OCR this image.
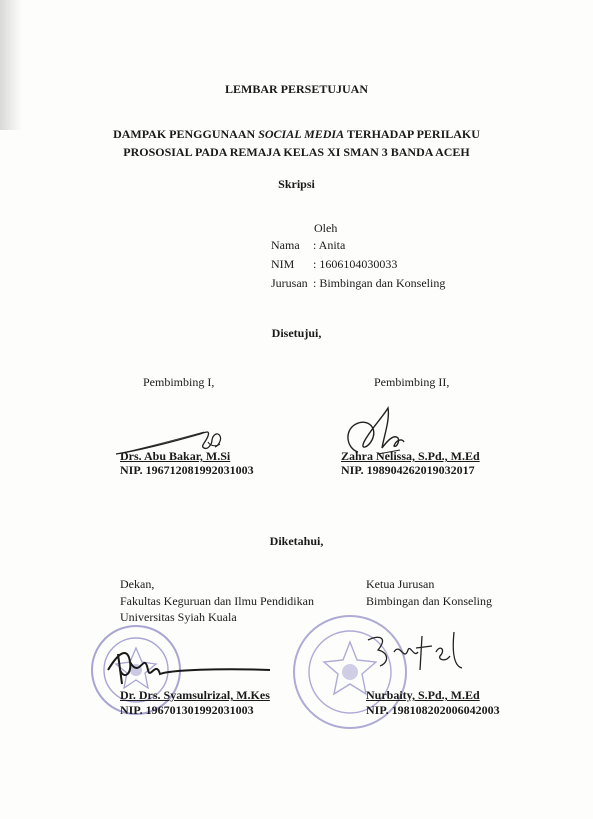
LEMBAR PERSETUJUAN
DAMPAK PENGGUNAAN SOCIAL MEDIA TERHADAP PERILAKU
PROSOSIAL PADA REMAJA KELAS XI SMAN 3 BANDA ACEH
Skripsi
Oleh
Nama : Anita
NIM : 1606104030033
Jurusan : Bimbingan dan Konseling
Disetujui,
Pembimbing I,	Pembimbing II,
Drs. Abu Bakar, M.Si
NIP. 196712081992031003
Zahra Nelissa, S.Pd., M.Ed
NIP. 198904262019032017
Diketahui,
Dekan,
Fakultas Keguruan dan Ilmu Pendidikan
Universitas Syiah Kuala
Ketua Jurusan
Bimbingan dan Konseling
Dr. Drs. Syamsulrizal, M.Kes
NIP. 196701301992031003
Nurbaity, S.Pd., M.Ed
NIP. 198108202006042003
